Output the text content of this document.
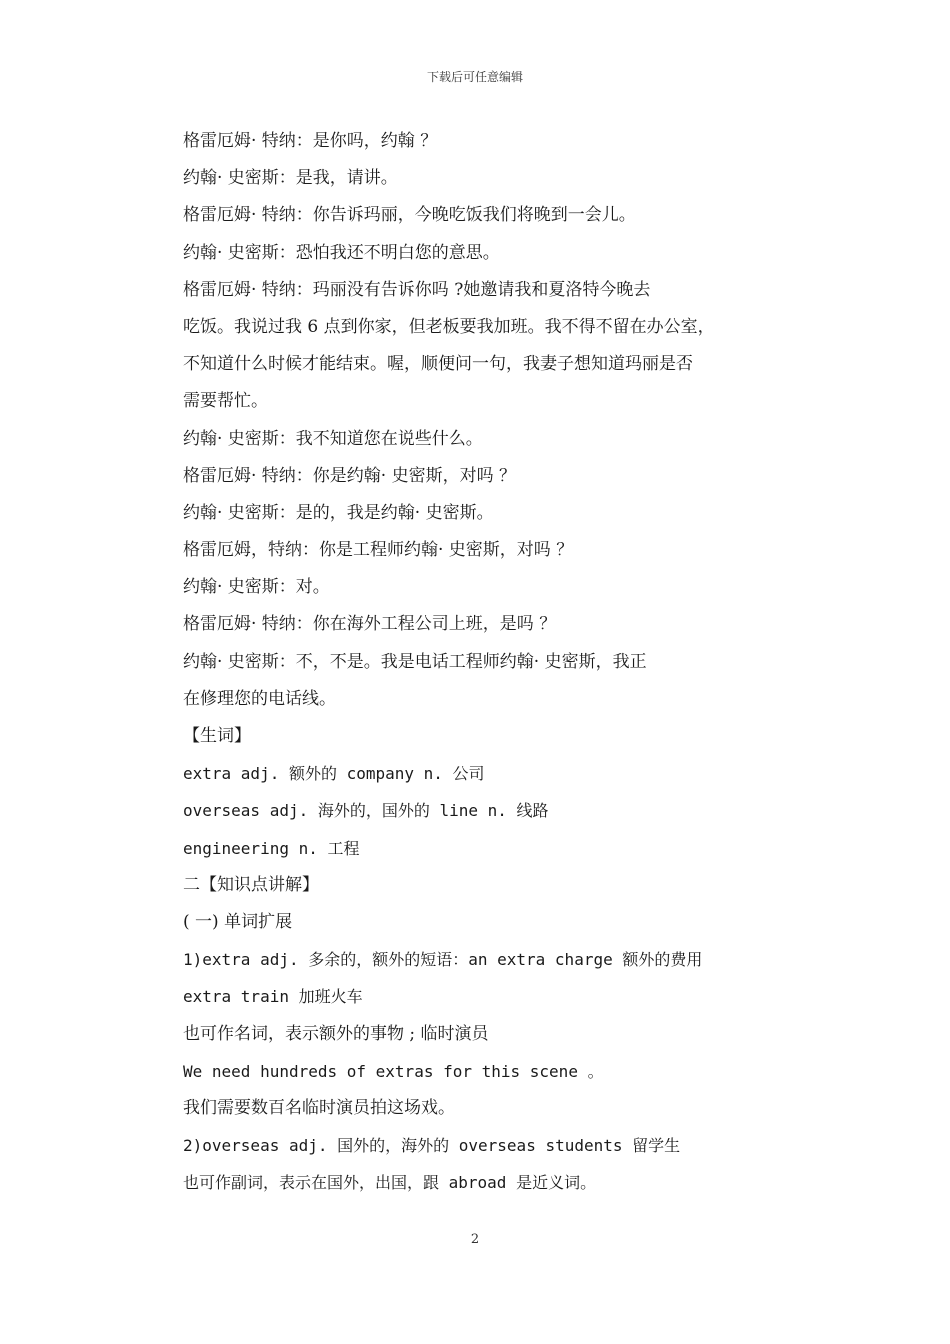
下载后可任意编辑
格雷厄姆· 特纳：是你吗，约翰 ？
约翰· 史密斯：是我，请讲。
格雷厄姆· 特纳：你告诉玛丽，今晚吃饭我们将晚到一会儿。
约翰· 史密斯：恐怕我还不明白您的意思。
格雷厄姆· 特纳：玛丽没有告诉你吗 ?她邀请我和夏洛特今晚去
吃饭。我说过我 6 点到你家，但老板要我加班。我不得不留在办公室，
不知道什么时候才能结束。喔，顺便问一句，我妻子想知道玛丽是否
需要帮忙。
约翰· 史密斯：我不知道您在说些什么。
格雷厄姆· 特纳：你是约翰· 史密斯，对吗 ？
约翰· 史密斯：是的，我是约翰· 史密斯。
格雷厄姆，特纳：你是工程师约翰· 史密斯，对吗 ？
约翰· 史密斯：对。
格雷厄姆· 特纳：你在海外工程公司上班，是吗 ？
约翰· 史密斯：不，不是。我是电话工程师约翰· 史密斯，我正
在修理您的电话线。
【生词】
extra adj. 额外的 company n. 公司
overseas adj. 海外的，国外的 line n. 线路
engineering n. 工程
二【知识点讲解】
( 一) 单词扩展
1)extra adj. 多余的，额外的短语：an extra charge 额外的费用
extra train 加班火车
也可作名词，表示额外的事物 ; 临时演员
We need hundreds of extras for this scene 。
我们需要数百名临时演员拍这场戏。
2)overseas adj. 国外的，海外的 overseas students 留学生
也可作副词，表示在国外，出国，跟 abroad 是近义词。
2
